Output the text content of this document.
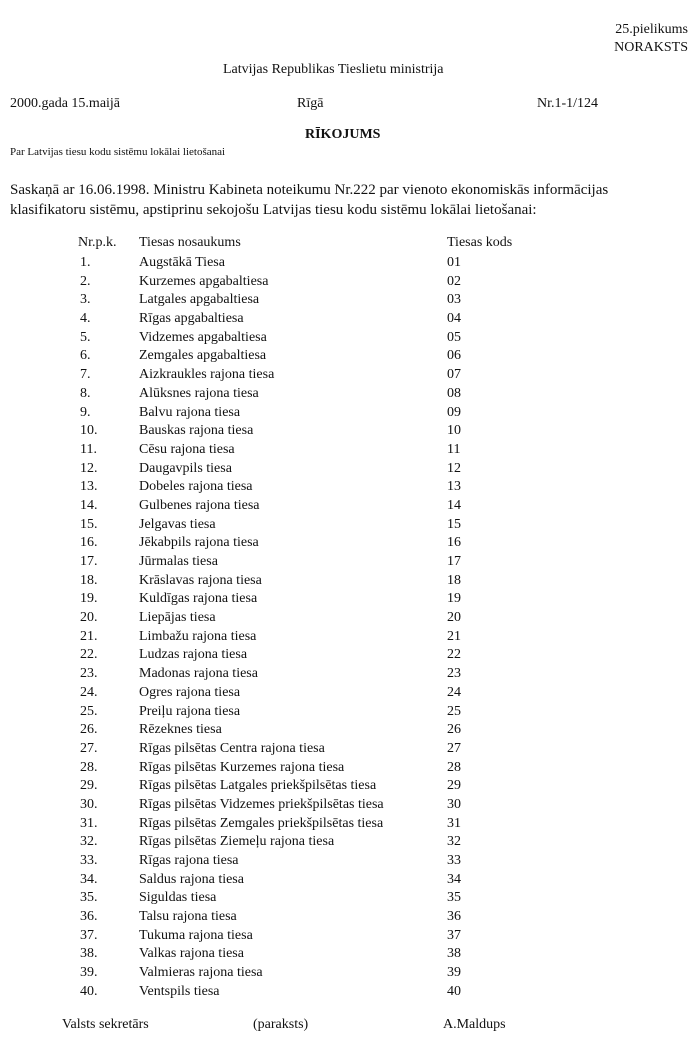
25.pielikums
NORAKSTS
Latvijas Republikas Tieslietu ministrija
2000.gada 15.maijā	Rīgā	Nr.1-1/124
RĪKOJUMS
Par Latvijas tiesu kodu sistēmu lokālai lietošanai

Saskaņā ar 16.06.1998. Ministru Kabineta noteikumu Nr.222 par vienoto ekonomiskās informācijas

klasifikatoru sistēmu, apstiprinu sekojošu Latvijas tiesu kodu sistēmu lokālai lietošanai:

Nr.p.k. Tiesas nosaukums	Tiesas kods
1.	Augstākā Tiesa	01
2.	Kurzemes apgabaltiesa	02
3.	Latgales apgabaltiesa	03
4.	Rīgas apgabaltiesa	04
5.	Vidzemes apgabaltiesa	05
6.	Zemgales apgabaltiesa	06
7.	Aizkraukles rajona tiesa	07
8.	Alūksnes rajona tiesa	08
9.	Balvu rajona tiesa	09
10.	Bauskas rajona tiesa	10
11.	Cēsu rajona tiesa	11
12.	Daugavpils tiesa	12
13.	Dobeles rajona tiesa	13
14.	Gulbenes rajona tiesa	14
15.	Jelgavas tiesa	15
16.	Jēkabpils rajona tiesa	16
17.	Jūrmalas tiesa	17
18.	Krāslavas rajona tiesa	18
19.	Kuldīgas rajona tiesa	19
20.	Liepājas tiesa	20
21.	Limbažu rajona tiesa	21
22.	Ludzas rajona tiesa	22
23.	Madonas rajona tiesa	23
24.	Ogres rajona tiesa	24
25.	Preiļu rajona tiesa	25
26.	Rēzeknes tiesa	26
27.	Rīgas pilsētas Centra rajona tiesa	27
28.	Rīgas pilsētas Kurzemes rajona tiesa	28
29.	Rīgas pilsētas Latgales priekšpilsētas tiesa	29
30.	Rīgas pilsētas Vidzemes priekšpilsētas tiesa	30
31.	Rīgas pilsētas Zemgales priekšpilsētas tiesa	31
32.	Rīgas pilsētas Ziemeļu rajona tiesa	32
33.	Rīgas rajona tiesa	33
34.	Saldus rajona tiesa	34
35.	Siguldas tiesa	35
36.	Talsu rajona tiesa	36
37.	Tukuma rajona tiesa	37
38.	Valkas rajona tiesa	38
39.	Valmieras rajona tiesa	39
40.	Ventspils tiesa	40
Valsts sekretārs	(paraksts)	A.Maldups
